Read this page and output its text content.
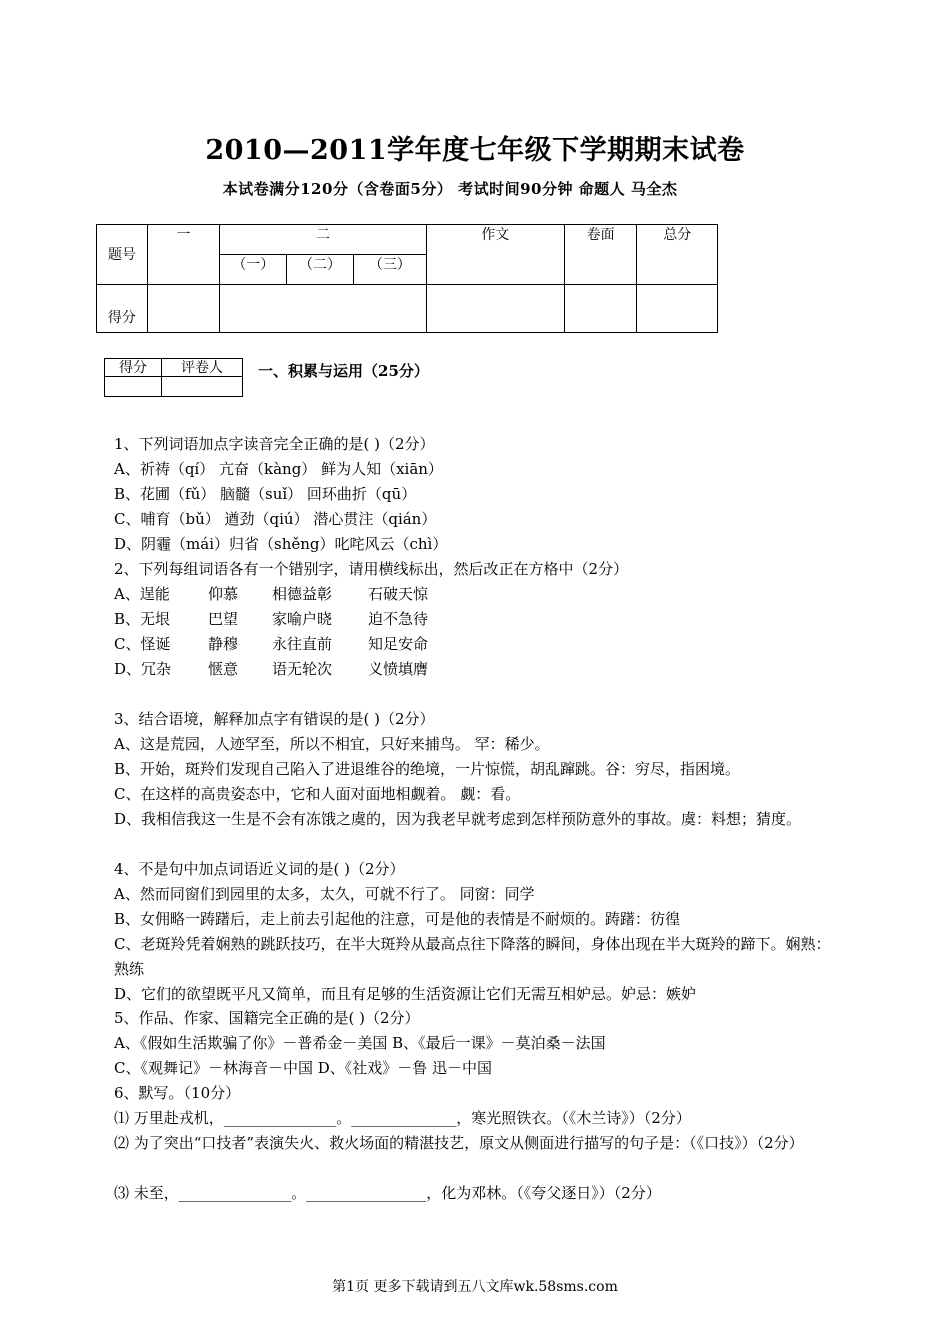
2010—2011学年度七年级下学期期末试卷
本试卷满分120分（含卷面5分） 考试时间90分钟 命题人 马全杰
题号	一	二			作文	卷面	总分
		（一）	（二）	（三）			
得分							
得分	评卷人
	一、积累与运用（25分）
1、下列词语加点字读音完全正确的是( )（2分）
A、祈祷（qí） 亢奋（kàng） 鲜为人知（xiān）
B、花圃（fǔ） 脑髓（suǐ） 回环曲折（qū）
C、哺育（bǔ） 遒劲（qiú） 潜心贯注（qián）
D、阴霾（mái）归省（shěng）叱咤风云（chì）
2、下列每组词语各有一个错别字，请用横线标出，然后改正在方格中（2分）
A、逞能	仰慕 相德益彰 石破天惊
B、无垠	巴望 家喻户晓 迫不急待
C、怪诞	静穆 永往直前 知足安命
D、冗杂 惬意 语无轮次 义愤填膺
3、结合语境，解释加点字有错误的是( )（2分）
A、这是荒园，人迹罕至，所以不相宜，只好来捕鸟。 罕：稀少。
B、开始，斑羚们发现自己陷入了进退维谷的绝境，一片惊慌，胡乱蹿跳。谷：穷尽，指困境。
C、在这样的高贵姿态中，它和人面对面地相觑着。 觑：看。
D、我相信我这一生是不会有冻饿之虞的，因为我老早就考虑到怎样预防意外的事故。虞：料想；猜度。
4、不是句中加点词语近义词的是( )（2分）
A、然而同窗们到园里的太多，太久，可就不行了。 同窗：同学
B、女佣略一踌躇后，走上前去引起他的注意，可是他的表情是不耐烦的。踌躇：彷徨
C、老斑羚凭着娴熟的跳跃技巧，在半大斑羚从最高点往下降落的瞬间，身体出现在半大斑羚的蹄下。娴熟：熟练
D、它们的欲望既平凡又简单，而且有足够的生活资源让它们无需互相妒忌。妒忌：嫉妒
5、作品、作家、国籍完全正确的是( )（2分）
A、《假如生活欺骗了你》－普希金－美国 B、《最后一课》－莫泊桑－法国
C、《观舞记》－林海音－中国 D、《社戏》－鲁 迅－中国
6、默写。（10分）
⑴ 万里赴戎机，_______________。______________，寒光照铁衣。（《木兰诗》）（2分）
⑵ 为了突出“口技者”表演失火、救火场面的精湛技艺，原文从侧面进行描写的句子是：（《口技》）（2分）
⑶ 未至，_______________。________________，化为邓林。（《夸父逐日》）（2分）
第1页 更多下载请到五八文库wk.58sms.com
